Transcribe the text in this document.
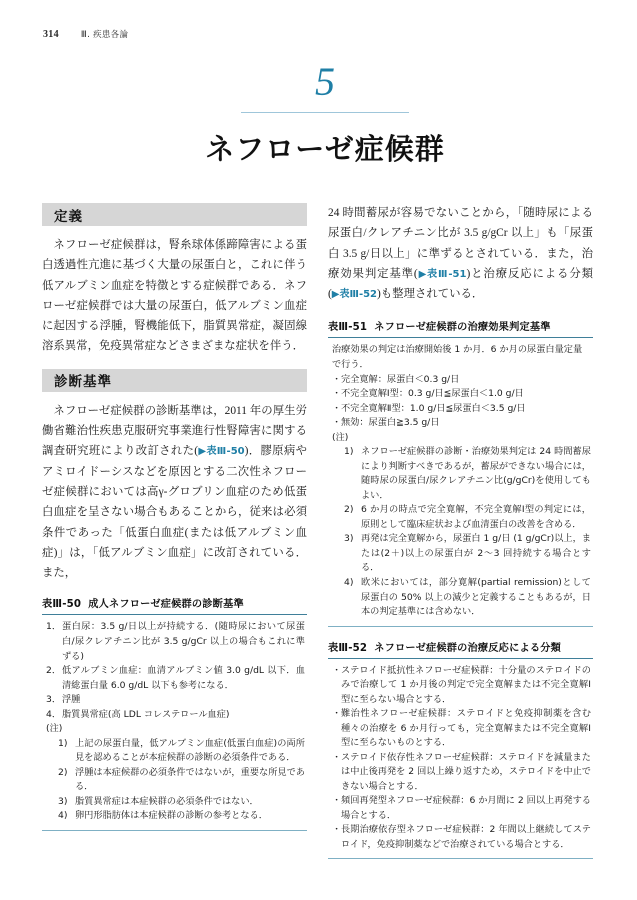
314	Ⅲ. 疾患各論
5
ネフローゼ症候群
定義

ネフローゼ症候群は，腎糸球体係蹄障害による蛋白透過性亢進に基づく大量の尿蛋白と，これに伴う低アルブミン血症を特徴とする症候群である．ネフローゼ症候群では大量の尿蛋白，低アルブミン血症に起因する浮腫，腎機能低下，脂質異常症，凝固線溶系異常，免疫異常症などさまざまな症状を伴う．

診断基準

ネフローゼ症候群の診断基準は，2011 年の厚生労働省難治性疾患克服研究事業進行性腎障害に関する調査研究班により改訂された(▶表Ⅲ-50)．膠原病やアミロイドーシスなどを原因とする二次性ネフローゼ症候群においては高γ-グロブリン血症のため低蛋白血症を呈さない場合もあることから，従来は必須条件であった「低蛋白血症(または低アルブミン血症)」は，「低アルブミン血症」に改訂されている．また，

表Ⅲ-50 成人ネフローゼ症候群の診断基準
1． 蛋白尿：3.5 g/日以上が持続する．(随時尿において尿蛋白/尿クレアチニン比が 3.5 g/gCr 以上の場合もこれに準ずる)
2． 低アルブミン血症：血清アルブミン値 3.0 g/dL 以下．血清総蛋白量 6.0 g/dL 以下も参考になる．
3． 浮腫
4． 脂質異常症(高 LDL コレステロール血症)
(注)
1) 上記の尿蛋白量，低アルブミン血症(低蛋白血症)の両所見を認めることが本症候群の診断の必須条件である．
2) 浮腫は本症候群の必須条件ではないが，重要な所見である．
3) 脂質異常症は本症候群の必須条件ではない．
4) 卵円形脂肪体は本症候群の診断の参考となる．

24 時間蓄尿が容易でないことから，「随時尿による尿蛋白/クレアチニン比が 3.5 g/gCr 以上」も「尿蛋白 3.5 g/日以上」に準ずるとされている．また，治療効果判定基準(▶表Ⅲ-51)と治療反応による分類(▶表Ⅲ-52)も整理されている．

表Ⅲ-51 ネフローゼ症候群の治療効果判定基準
治療効果の判定は治療開始後 1 か月．6 か月の尿蛋白量定量で行う．
・ 完全寛解：尿蛋白＜0.3 g/日
・ 不完全寛解Ⅰ型：0.3 g/日≦尿蛋白＜1.0 g/日
・ 不完全寛解Ⅱ型：1.0 g/日≦尿蛋白＜3.5 g/日
・ 無効：尿蛋白≧3.5 g/日
(注)
1) ネフローゼ症候群の診断・治療効果判定は 24 時間蓄尿により判断すべきであるが，蓄尿ができない場合には，随時尿の尿蛋白/尿クレアチニン比(g/gCr)を使用してもよい．
2) 6 か月の時点で完全寛解，不完全寛解Ⅰ型の判定には，原則として臨床症状および血清蛋白の改善を含める．
3) 再発は完全寛解から，尿蛋白 1 g/日 (1 g/gCr)以上，または(2＋)以上の尿蛋白が 2〜3 回持続する場合とする．
4) 欧米においては，部分寛解(partial remission)として尿蛋白の 50% 以上の減少と定義することもあるが，日本の判定基準には含めない．
表Ⅲ-52 ネフローゼ症候群の治療反応による分類
・ ステロイド抵抗性ネフローゼ症候群：十分量のステロイドのみで治療して 1 か月後の判定で完全寛解または不完全寛解Ⅰ型に至らない場合とする．
・ 難治性ネフローゼ症候群：ステロイドと免疫抑制薬を含む種々の治療を 6 か月行っても，完全寛解または不完全寛解Ⅰ型に至らないものとする．
・ ステロイド依存性ネフローゼ症候群：ステロイドを減量または中止後再発を 2 回以上繰り返すため，ステロイドを中止できない場合とする．
・ 頻回再発型ネフローゼ症候群：6 か月間に 2 回以上再発する場合とする．
・ 長期治療依存型ネフローゼ症候群：2 年間以上継続してステロイド，免疫抑制薬などで治療されている場合とする．
